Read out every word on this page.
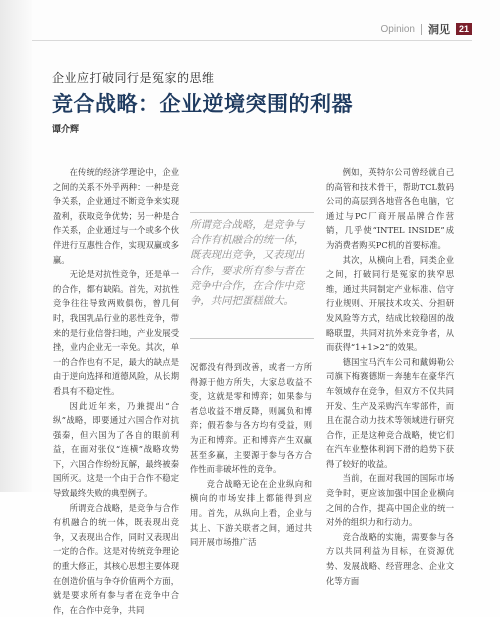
Opinion 洞见	21
企业应打破同行是冤家的思维
竞合战略：企业逆境突围的利器
谭介辉

在传统的经济学理论中，企业之间的关系不外乎两种：一种是竞争关系，企业通过不断竞争来实现盈利，获取竞争优势；另一种是合作关系，企业通过与一个或多个伙伴进行互惠性合作，实现双赢或多赢。

无论是对抗性竞争，还是单一的合作，都有缺陷。首先，对抗性竞争往往导致两败俱伤，曾几何时，我国乳品行业的恶性竞争，带来的是行业信誉扫地，产业发展受挫，业内企业无一幸免。其次，单一的合作也有不足，最大的缺点是由于逆向选择和道德风险，从长期看具有不稳定性。

因此近年来，乃兼提出“合纵”战略，即要通过六国合作对抗强秦，但六国为了各自的眼前利益，在面对张仪“连横”战略攻势下，六国合作纷纷瓦解，最终被秦国所灭。这是一个由于合作不稳定导致最终失败的典型例子。

所谓竞合战略，是竞争与合作有机融合的统一体，既表现出竞争，又表现出合作，同时又表现出一定的合作。这是对传统竞争理论的重大修正，其核心思想主要体现在创造价值与争夺价值两个方面，就是要求所有参与者在竞争中合作，在合作中竞争，共同

所谓竞合战略，是竞争与合作有机融合的统一体，既表现出竞争，又表现出合作，要求所有参与者在竞争中合作，在合作中竞争，共同把蛋糕做大。

况都没有得到改善，或者一方所得源于他方所失，大家总收益不变，这就是零和博弈；如果参与者总收益不增反降，则属负和博弈；假若参与各方均有受益，则为正和博弈。正和博弈产生双赢甚至多赢，主要源于参与各方合作性而非破坏性的竞争。

竞合战略无论在企业纵向和横向的市场安排上都能得到应用。首先，从纵向上看，企业与其上、下游关联者之间，通过共同开展市场推广活

例如，英特尔公司曾经就自己的高管和技术骨干，帮助TCL数码公司的高层到各地营各色电脑，它通过与PC厂商开展品牌合作营销，几乎使“INTEL INSIDE”成为消费者购买PC机的首要标准。

其次，从横向上看，同类企业之间，打破同行是冤家的狭窄思维，通过共同制定产业标准、信守行业规则、开展技术攻关、分担研发风险等方式，结成比较稳固的战略联盟，共同对抗外来竞争者，从而获得“1+1>2”的效果。

德国宝马汽车公司和戴姆勒公司旗下梅赛德斯－奔驰车在豪华汽车领域存在竞争，但双方不仅共同开发、生产及采购汽车零部件，而且在混合动力技术等领域进行研究合作，正是这种竞合战略，使它们在汽车业整体利润下滑的趋势下获得了较好的收益。

当前，在面对我国的国际市场竞争时，更应该加强中国企业横向之间的合作，提高中国企业的统一对外的组织力和行动力。

竞合战略的实施，需要参与各方以共同利益为目标，在资源优势、发展战略、经营理念、企业文化等方面
